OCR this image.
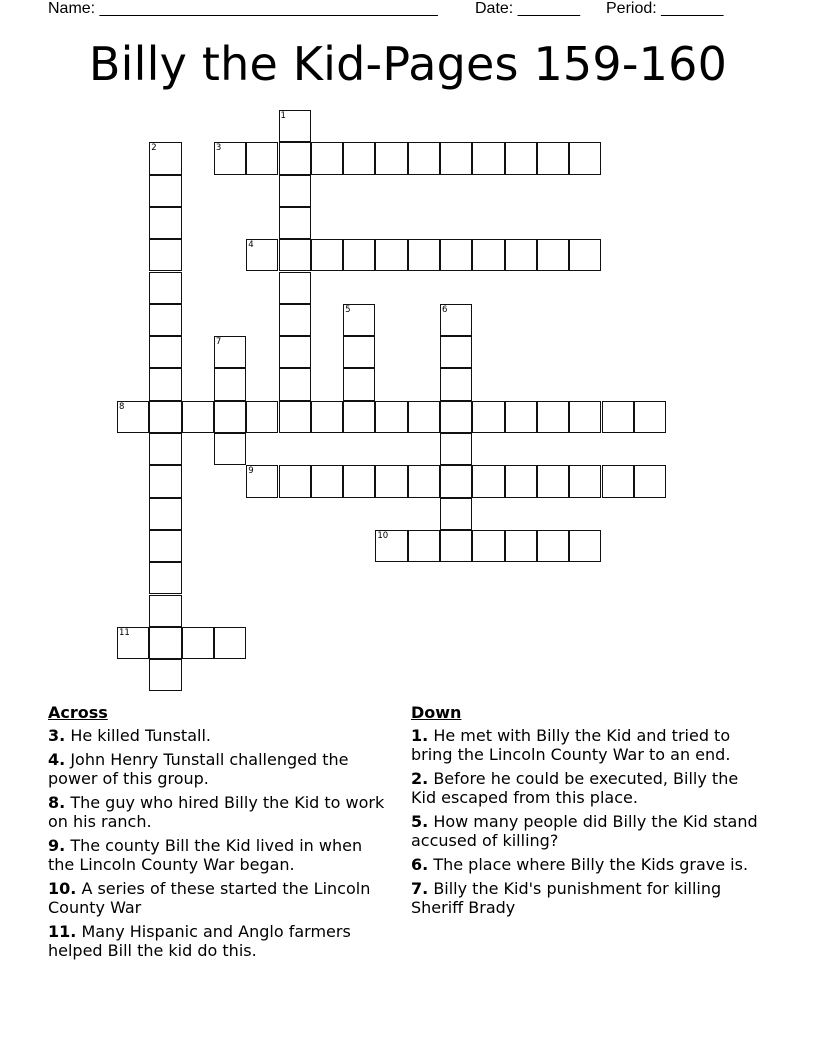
Name: ______________________________________ Date: _______ Period: _______
Billy the Kid-Pages 159-160
1
2	3
4
5	6
7
8
9
10
11
Across
3. He killed Tunstall.
4. John Henry Tunstall challenged the power of this group.
8. The guy who hired Billy the Kid to work on his ranch.
9. The county Bill the Kid lived in when the Lincoln County War began.
10. A series of these started the Lincoln County War
11. Many Hispanic and Anglo farmers helped Bill the kid do this.
Down
1. He met with Billy the Kid and tried to bring the Lincoln County War to an end.
2. Before he could be executed, Billy the Kid escaped from this place.
5. How many people did Billy the Kid stand accused of killing?
6. The place where Billy the Kids grave is.
7. Billy the Kid's punishment for killing Sheriff Brady
